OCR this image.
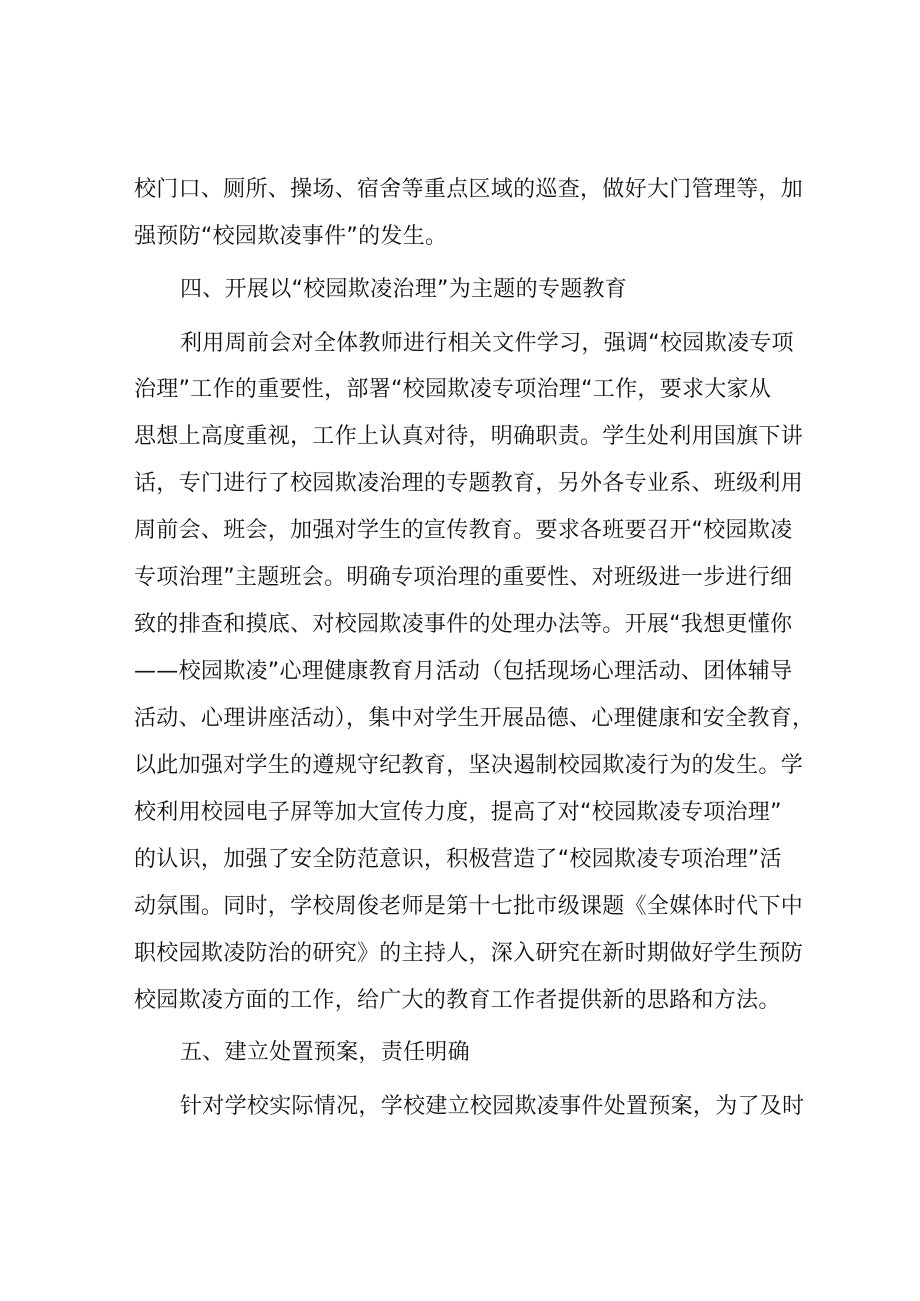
校门口、厕所、操场、宿舍等重点区域的巡查，做好大门管理等，加
强预防“校园欺凌事件”的发生。
四、开展以“校园欺凌治理”为主题的专题教育
利用周前会对全体教师进行相关文件学习，强调“校园欺凌专项
治理”工作的重要性，部署“校园欺凌专项治理“工作，要求大家从
思想上高度重视，工作上认真对待，明确职责。学生处利用国旗下讲
话，专门进行了校园欺凌治理的专题教育，另外各专业系、班级利用
周前会、班会，加强对学生的宣传教育。要求各班要召开“校园欺凌
专项治理”主题班会。明确专项治理的重要性、对班级进一步进行细
致的排查和摸底、对校园欺凌事件的处理办法等。开展“我想更懂你
——校园欺凌”心理健康教育月活动（包括现场心理活动、团体辅导
活动、心理讲座活动），集中对学生开展品德、心理健康和安全教育，
以此加强对学生的遵规守纪教育，坚决遏制校园欺凌行为的发生。学
校利用校园电子屏等加大宣传力度，提高了对“校园欺凌专项治理”
的认识，加强了安全防范意识，积极营造了“校园欺凌专项治理”活
动氛围。同时，学校周俊老师是第十七批市级课题《全媒体时代下中
职校园欺凌防治的研究》的主持人，深入研究在新时期做好学生预防
校园欺凌方面的工作，给广大的教育工作者提供新的思路和方法。
五、建立处置预案，责任明确
针对学校实际情况，学校建立校园欺凌事件处置预案，为了及时
